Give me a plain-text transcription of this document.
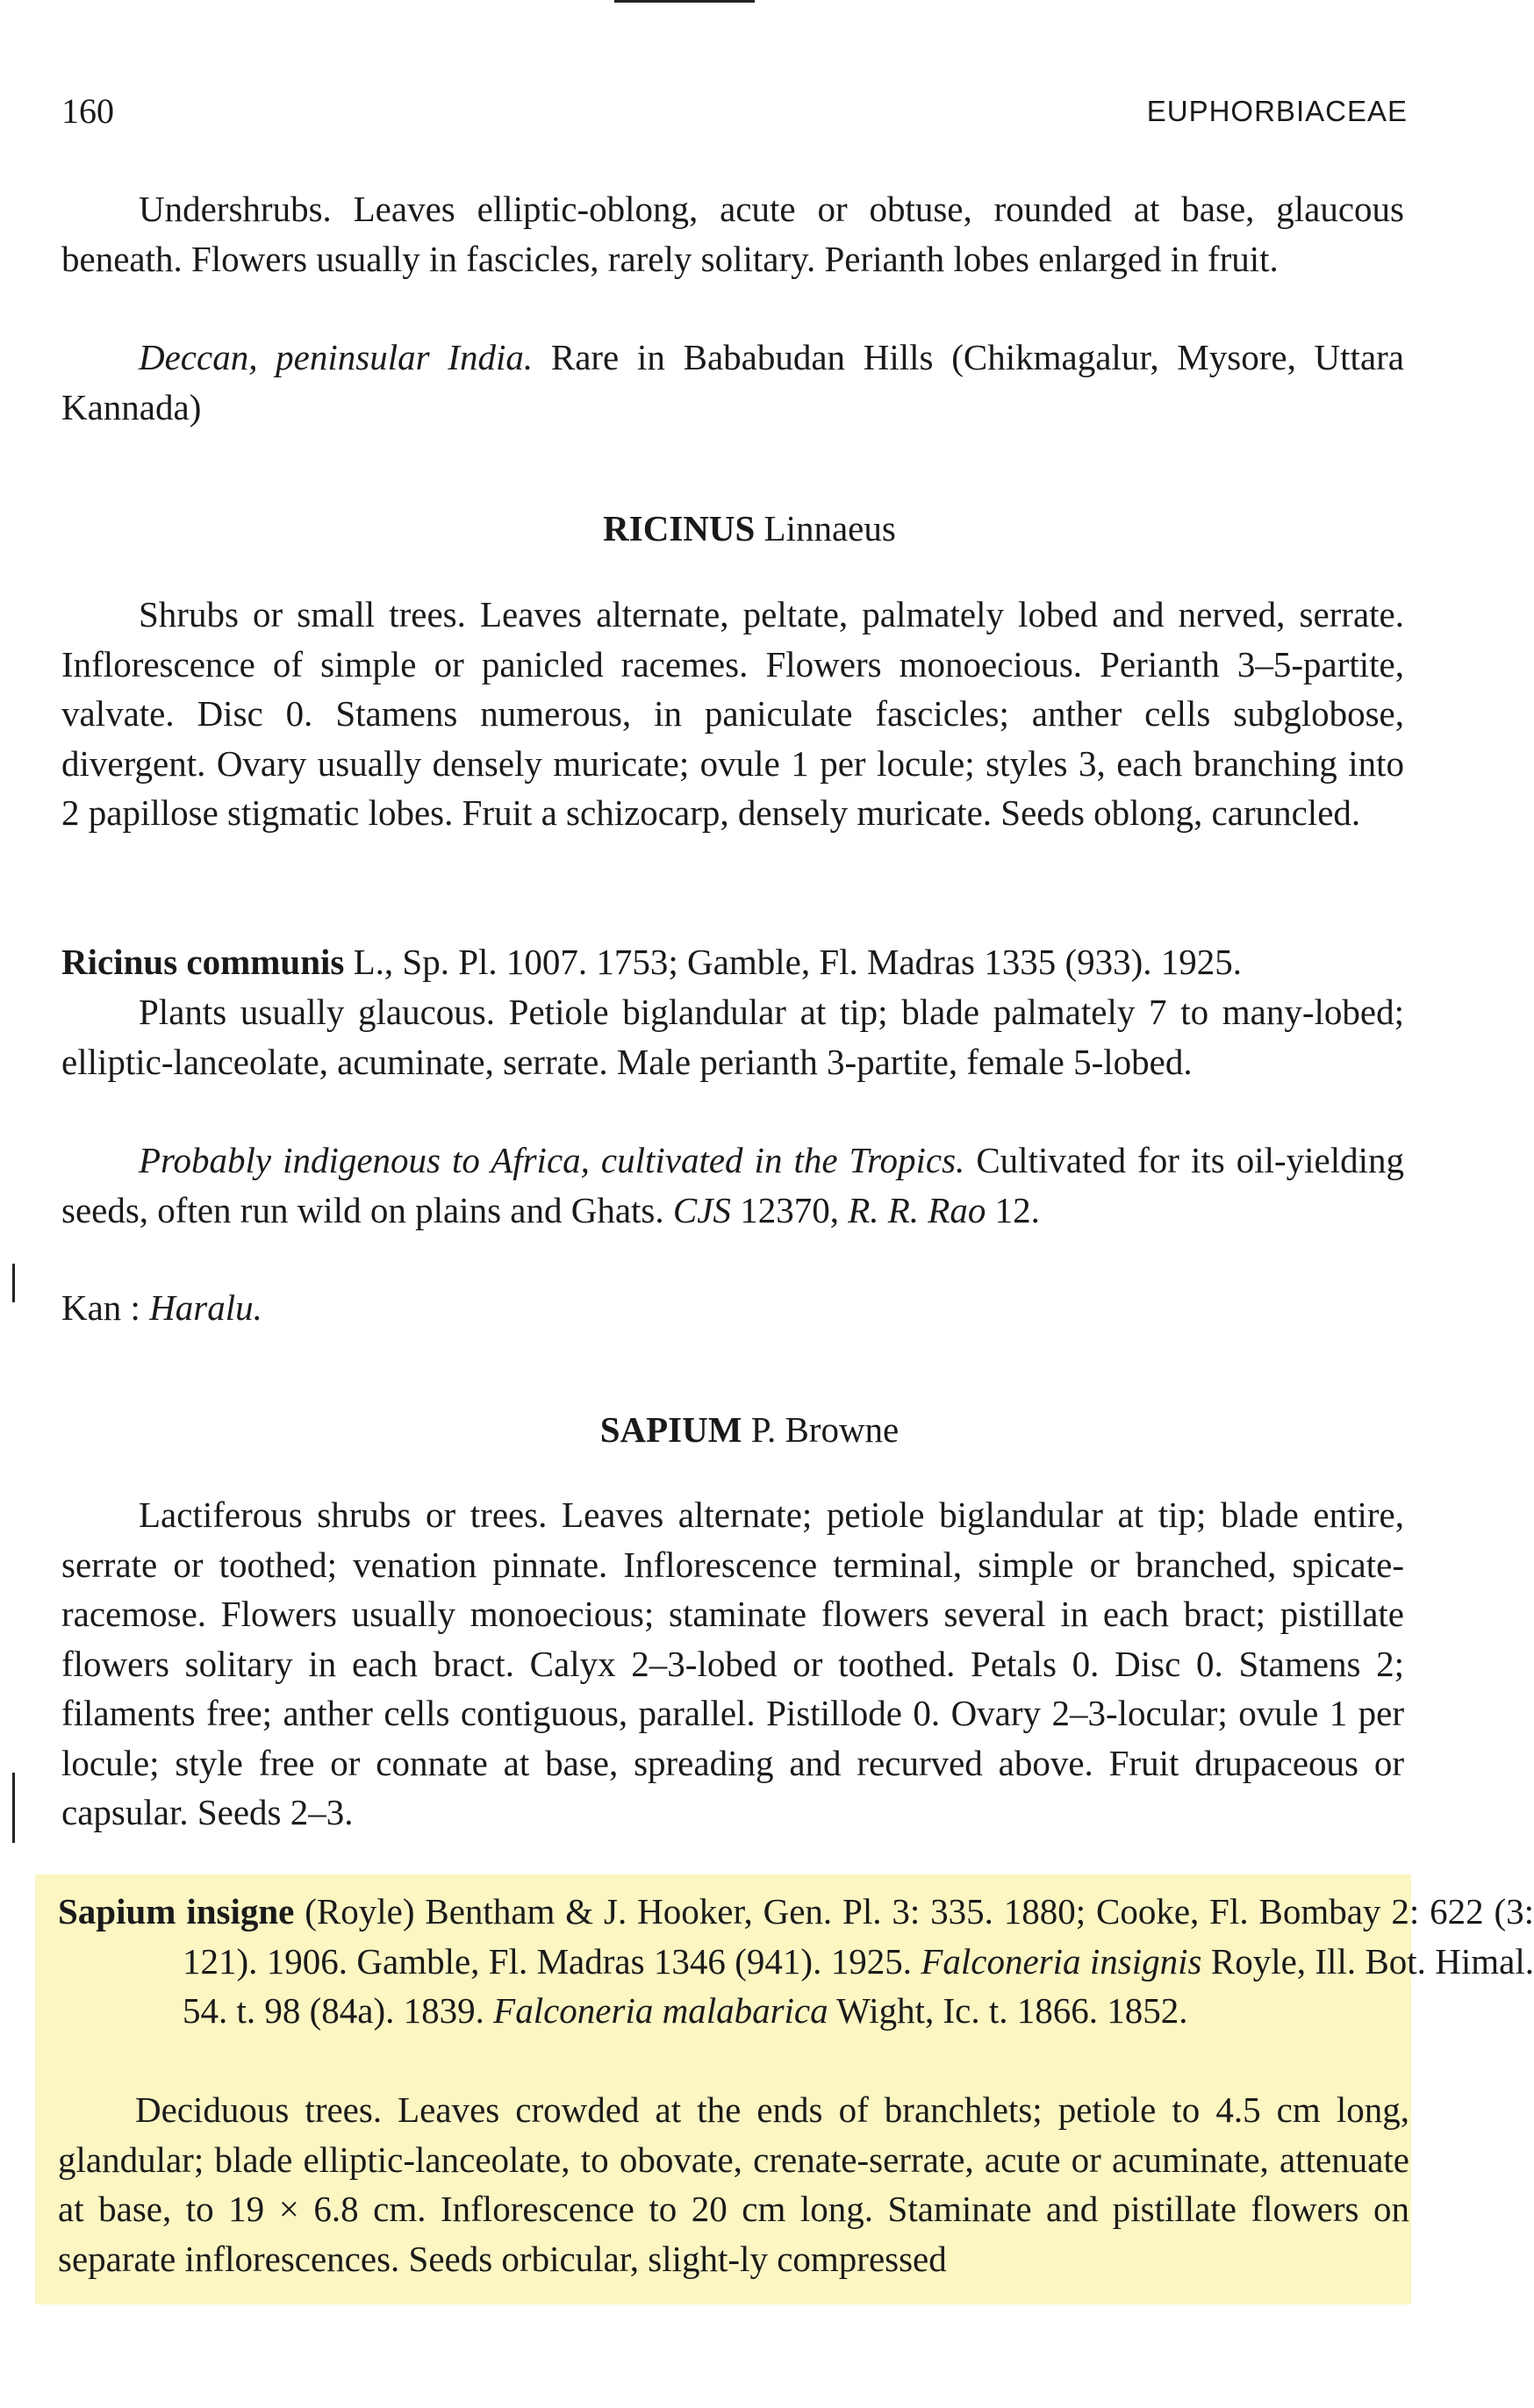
160	EUPHORBIACEAE
Undershrubs. Leaves elliptic-oblong, acute or obtuse, rounded at base, glaucous beneath. Flowers usually in fascicles, rarely solitary. Perianth lobes enlarged in fruit.
Deccan, peninsular India. Rare in Bababudan Hills (Chikmagalur, Mysore, Uttara Kannada)
RICINUS Linnaeus
Shrubs or small trees. Leaves alternate, peltate, palmately lobed and nerved, serrate. Inflorescence of simple or panicled racemes. Flowers monoecious. Perianth 3–5-partite, valvate. Disc 0. Stamens numerous, in paniculate fascicles; anther cells subglobose, divergent. Ovary usually densely muricate; ovule 1 per locule; styles 3, each branching into 2 papillose stigmatic lobes. Fruit a schizocarp, densely muricate. Seeds oblong, caruncled.
Ricinus communis L., Sp. Pl. 1007. 1753; Gamble, Fl. Madras 1335 (933). 1925.
Plants usually glaucous. Petiole biglandular at tip; blade palmately 7 to many-lobed; elliptic-lanceolate, acuminate, serrate. Male perianth 3-partite, female 5-lobed.
Probably indigenous to Africa, cultivated in the Tropics. Cultivated for its oil-yielding seeds, often run wild on plains and Ghats. CJS 12370, R. R. Rao 12.
Kan : Haralu.
SAPIUM P. Browne
Lactiferous shrubs or trees. Leaves alternate; petiole biglandular at tip; blade entire, serrate or toothed; venation pinnate. Inflorescence terminal, simple or branched, spicate-racemose. Flowers usually monoecious; staminate flowers several in each bract; pistillate flowers solitary in each bract. Calyx 2–3-lobed or toothed. Petals 0. Disc 0. Stamens 2; filaments free; anther cells contiguous, parallel. Pistillode 0. Ovary 2–3-locular; ovule 1 per locule; style free or connate at base, spreading and recurved above. Fruit drupaceous or capsular. Seeds 2–3.
Sapium insigne (Royle) Bentham & J. Hooker, Gen. Pl. 3: 335. 1880; Cooke, Fl. Bombay 2: 622 (3: 121). 1906. Gamble, Fl. Madras 1346 (941). 1925. Falconeria insignis Royle, Ill. Bot. Himal. 54. t. 98 (84a). 1839. Falconeria malabarica Wight, Ic. t. 1866. 1852.
Deciduous trees. Leaves crowded at the ends of branchlets; petiole to 4.5 cm long, glandular; blade elliptic-lanceolate, to obovate, crenate-serrate, acute or acuminate, attenuate at base, to 19 × 6.8 cm. Inflorescence to 20 cm long. Staminate and pistillate flowers on separate inflorescences. Seeds orbicular, slight-ly compressed
